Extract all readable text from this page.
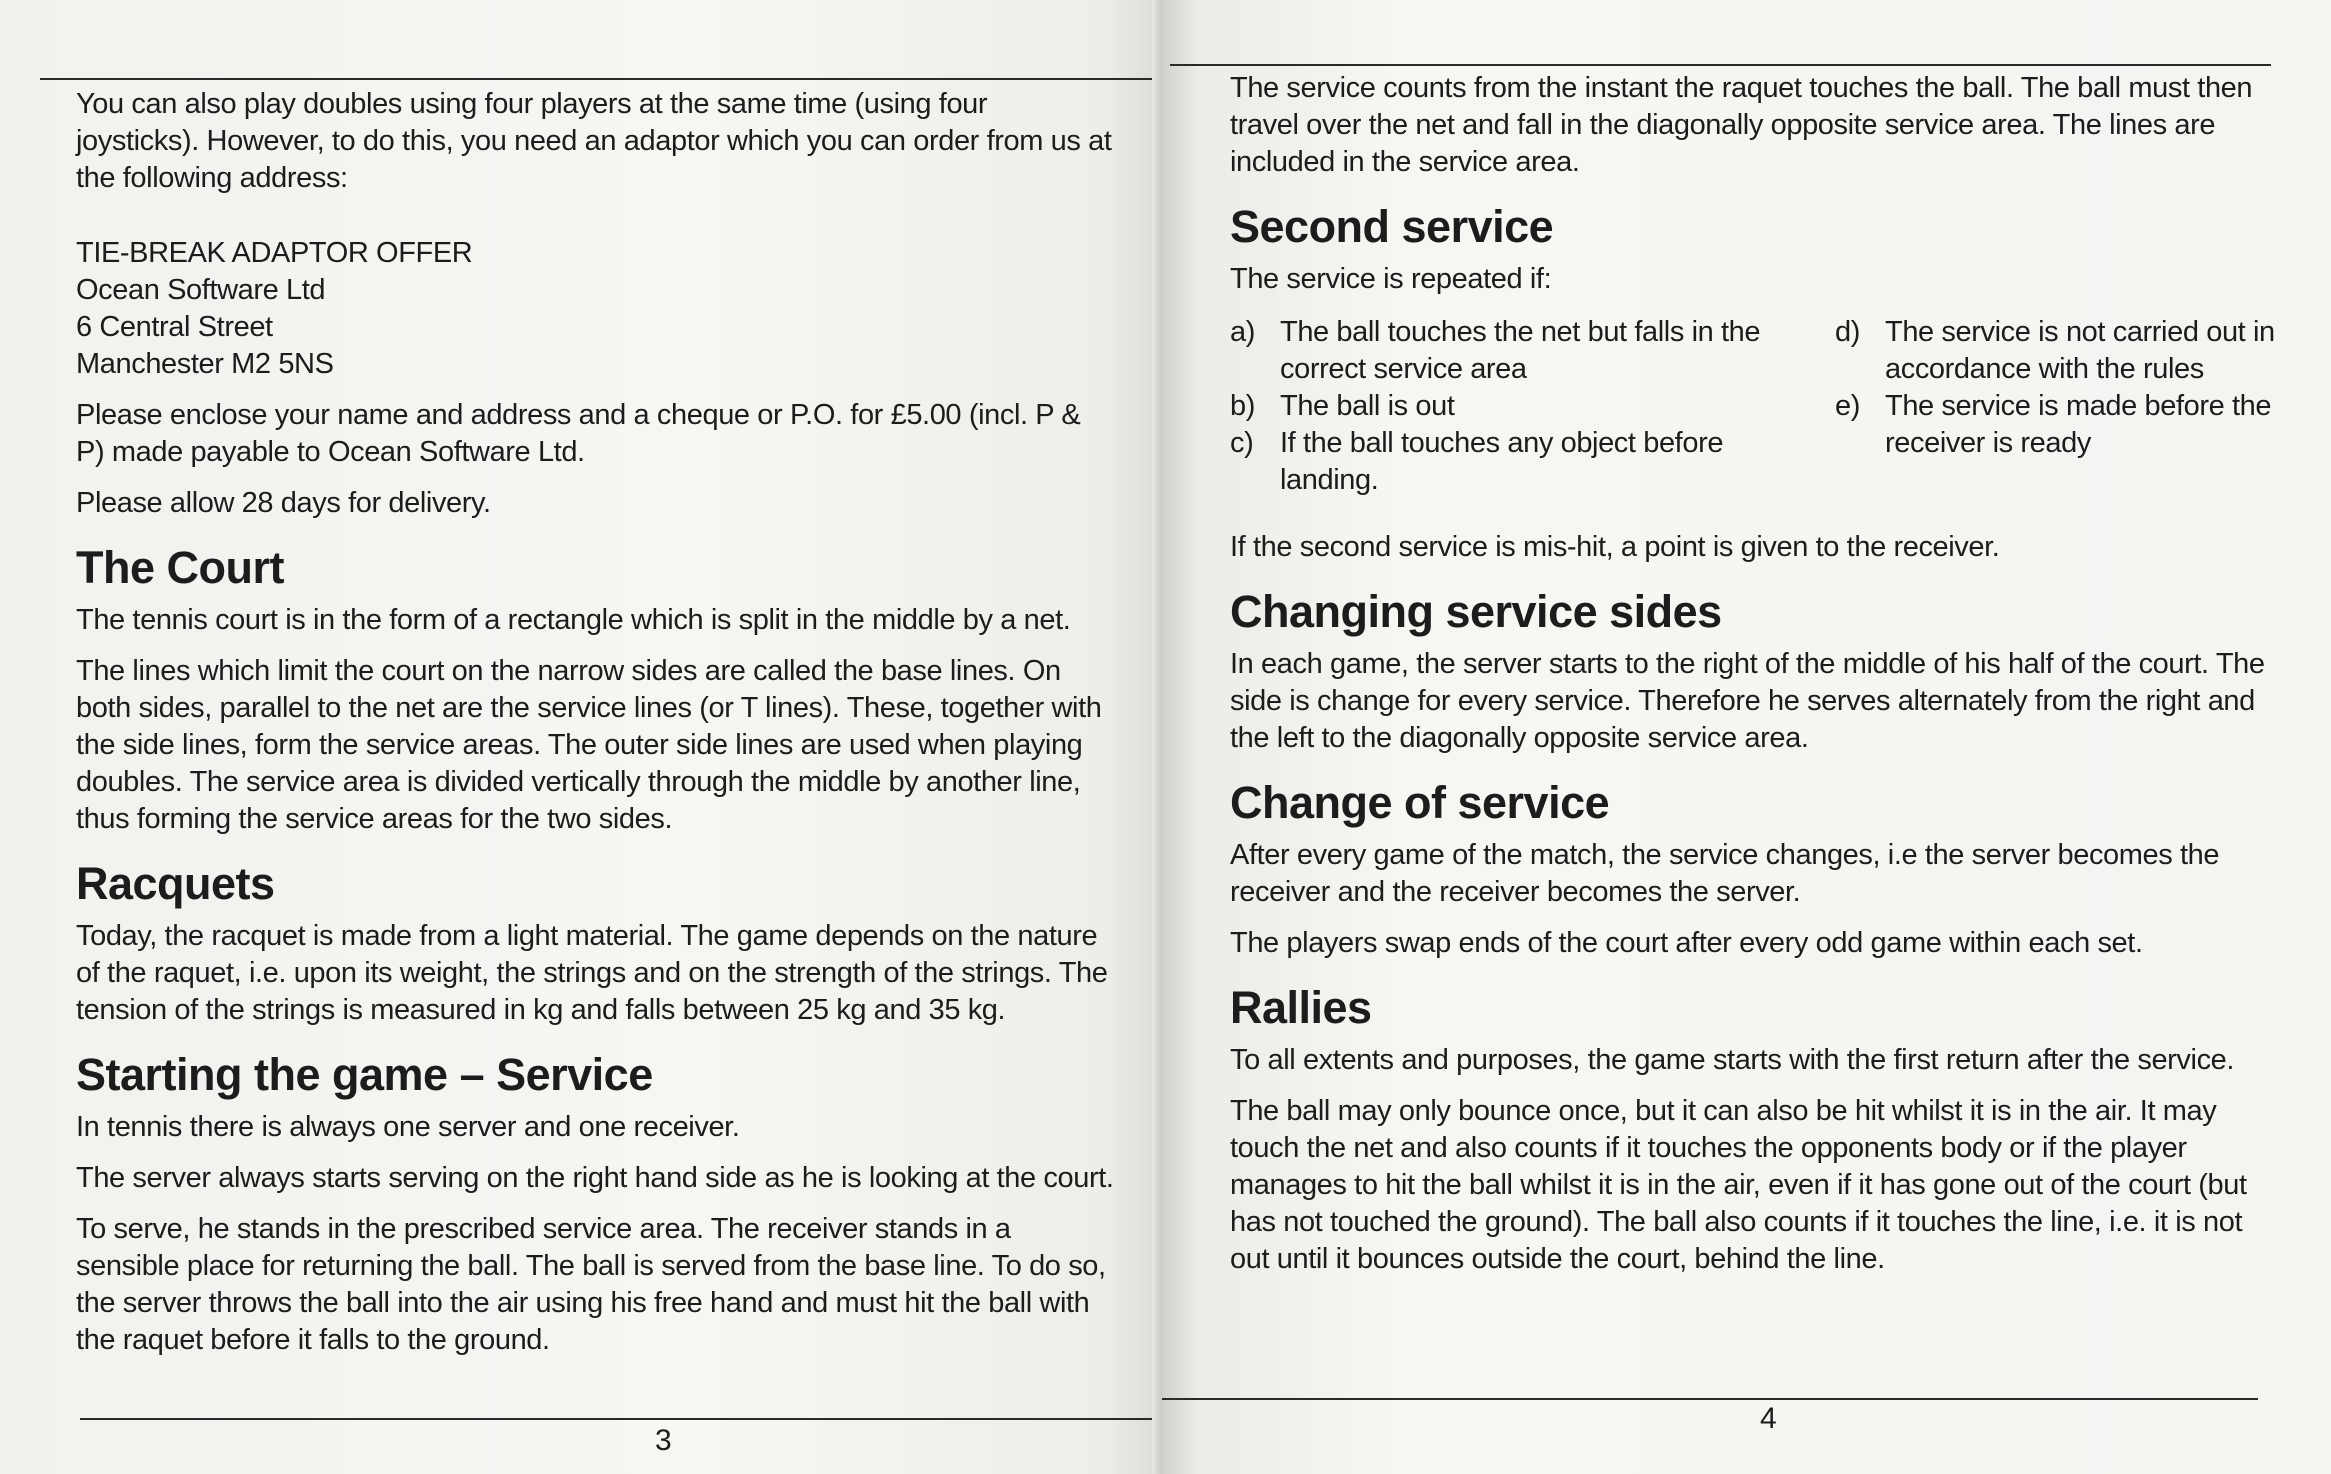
You can also play doubles using four players at the same time (using four joysticks). However, to do this, you need an adaptor which you can order from us at the following address:

TIE-BREAK ADAPTOR OFFER

Ocean Software Ltd

6 Central Street

Manchester M2 5NS

Please enclose your name and address and a cheque or P.O. for £5.00 (incl. P & P) made payable to Ocean Software Ltd.

Please allow 28 days for delivery.

The Court

The tennis court is in the form of a rectangle which is split in the middle by a net.

The lines which limit the court on the narrow sides are called the base lines. On both sides, parallel to the net are the service lines (or T lines). These, together with the side lines, form the service areas. The outer side lines are used when playing doubles. The service area is divided vertically through the middle by another line, thus forming the service areas for the two sides.

Racquets

Today, the racquet is made from a light material. The game depends on the nature of the raquet, i.e. upon its weight, the strings and on the strength of the strings. The tension of the strings is measured in kg and falls between 25 kg and 35 kg.

Starting the game – Service

In tennis there is always one server and one receiver.

The server always starts serving on the right hand side as he is looking at the court.

To serve, he stands in the prescribed service area. The receiver stands in a sensible place for returning the ball. The ball is served from the base line. To do so, the server throws the ball into the air using his free hand and must hit the ball with the raquet before it falls to the ground.

3

The service counts from the instant the raquet touches the ball. The ball must then travel over the net and fall in the diagonally opposite service area. The lines are included in the service area.

Second service

The service is repeated if:

a) The ball touches the net but falls in the correct service area
b) The ball is out
c) If the ball touches any object before landing.
d) The service is not carried out in accordance with the rules
e) The service is made before the receiver is ready

If the second service is mis-hit, a point is given to the receiver.

Changing service sides

In each game, the server starts to the right of the middle of his half of the court. The side is change for every service. Therefore he serves alternately from the right and the left to the diagonally opposite service area.

Change of service

After every game of the match, the service changes, i.e the server becomes the receiver and the receiver becomes the server.

The players swap ends of the court after every odd game within each set.

Rallies

To all extents and purposes, the game starts with the first return after the service.

The ball may only bounce once, but it can also be hit whilst it is in the air. It may touch the net and also counts if it touches the opponents body or if the player manages to hit the ball whilst it is in the air, even if it has gone out of the court (but has not touched the ground). The ball also counts if it touches the line, i.e. it is not out until it bounces outside the court, behind the line.

4
